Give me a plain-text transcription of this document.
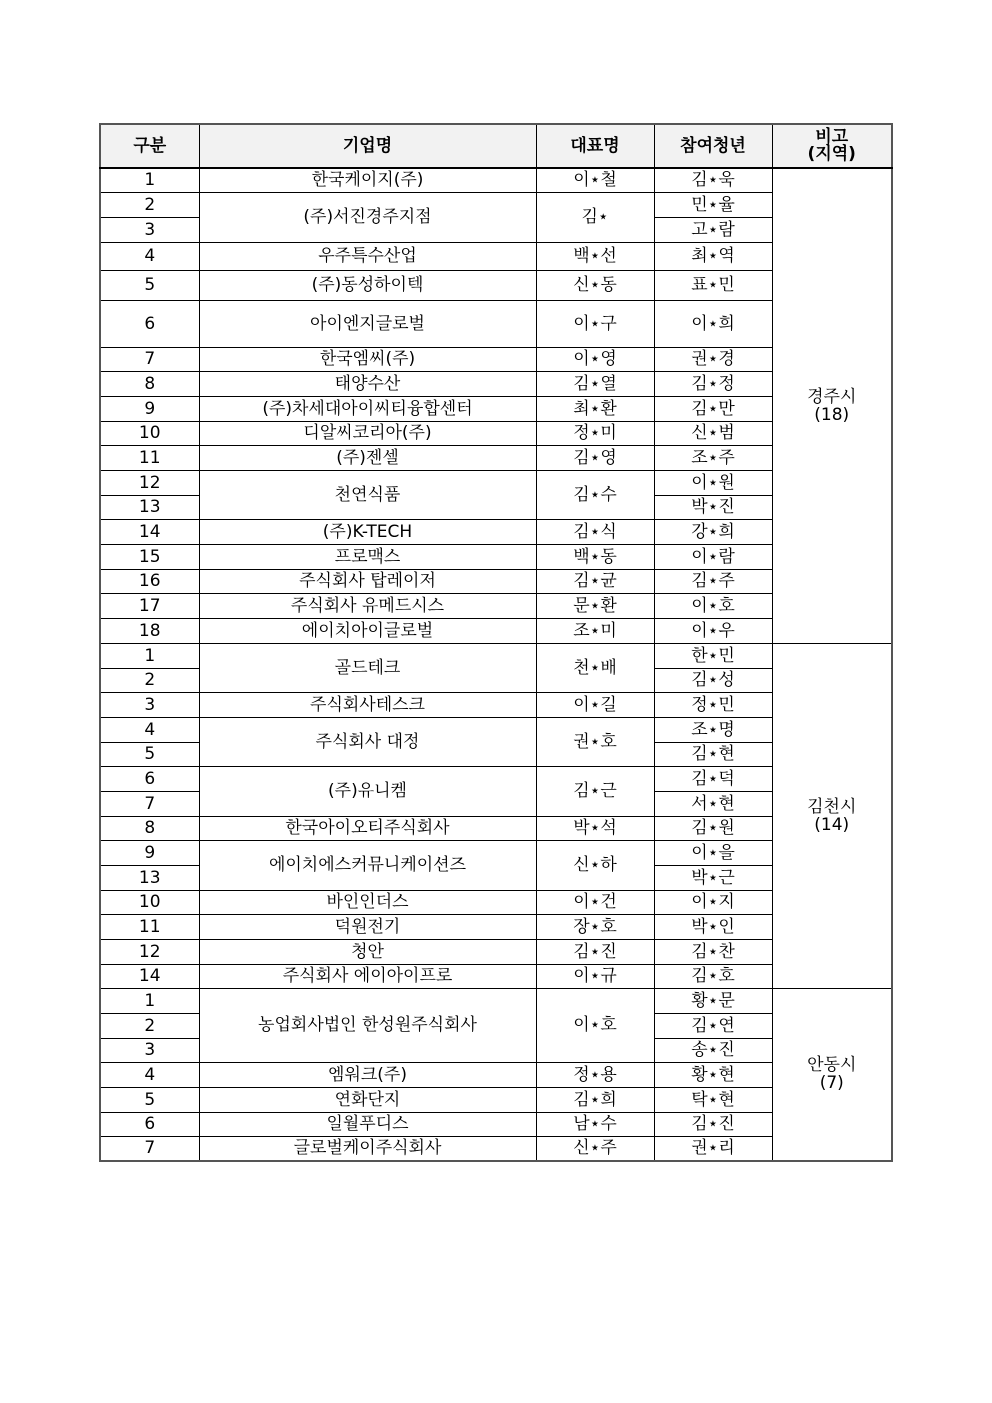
구분	기업명	대표명	참여청년	비고
(지역)

1	한국케이지(주)	이⋆철	김⋆욱	경주시
(18)

2	(주)서진경주지점	김⋆	민⋆율	
3			고⋆람	
4	우주특수산업	백⋆선	최⋆역	
5	(주)동성하이텍	신⋆동	표⋆민	
6	아이엔지글로벌	이⋆구	이⋆희	
7	한국엠씨(주)	이⋆영	권⋆경	
8	태양수산	김⋆열	김⋆정	
9	(주)차세대아이씨티융합센터	최⋆환	김⋆만	
10	디알씨코리아(주)	정⋆미	신⋆범	
11	(주)젠셀	김⋆영	조⋆주	
12	천연식품	김⋆수	이⋆원	
13			박⋆진	
14	(주)K-TECH	김⋆식	강⋆희	
15	프로맥스	백⋆동	이⋆람	
16	주식회사 탑레이저	김⋆균	김⋆주	
17	주식회사 유메드시스	문⋆환	이⋆호	
18	에이치아이글로벌	조⋆미	이⋆우	
1	골드테크	천⋆배	한⋆민	김천시
(14)

2			김⋆성	
3	주식회사테스크	이⋆길	정⋆민	
4	주식회사 대정	권⋆호	조⋆명	
5			김⋆현	
6	(주)유니켐	김⋆근	김⋆덕	
7			서⋆현	
8	한국아이오티주식회사	박⋆석	김⋆원	
9	에이치에스커뮤니케이션즈	신⋆하	이⋆을	
13			박⋆근	
10	바인인더스	이⋆건	이⋆지	
11	덕원전기	장⋆호	박⋆인	
12	청안	김⋆진	김⋆찬	
14	주식회사 에이아이프로	이⋆규	김⋆호	
1	농업회사법인 한성원주식회사	이⋆호	황⋆문	안동시
(7)

2			김⋆연	
3			송⋆진	
4	엠워크(주)	정⋆용	황⋆현	
5	연화단지	김⋆희	탁⋆현	
6	일월푸디스	남⋆수	김⋆진	
7	글로벌케이주식회사	신⋆주	권⋆리	
